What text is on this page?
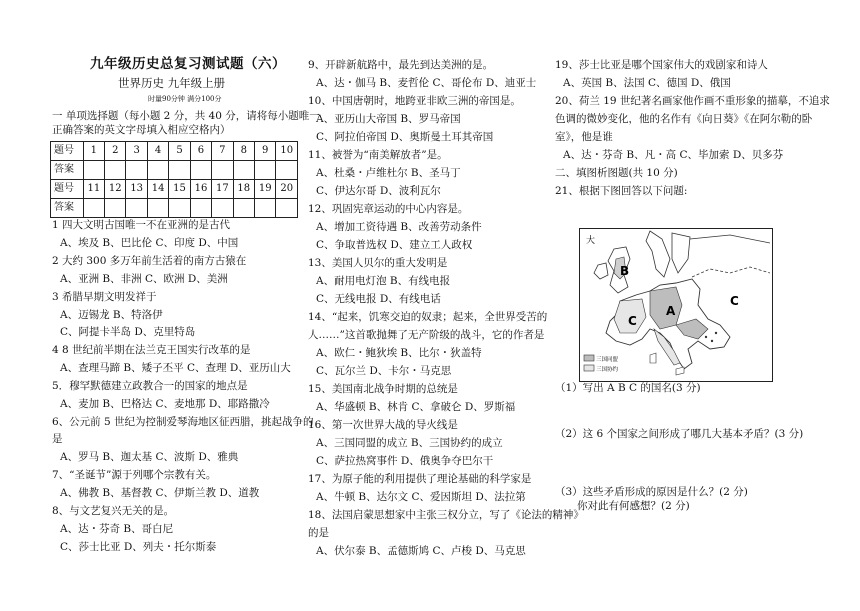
九年级历史总复习测试题（六）
世界历史 九年级上册
时量90分钟 满分100分
一 单项选择题（每小题 2 分，共 40 分，请将每小题唯一
正确答案的英文字母填入相应空格内）
题号	1	2	3	4	5	6	7	8	9	10
答案										
题号	11	12	13	14	15	16	17	18	19	20
答案										
1 四大文明古国唯一不在亚洲的是古代
A、埃及 B、巴比伦 C、印度 D、中国
2 大约 300 多万年前生活着的南方古猿在
A、亚洲 B、非洲 C、欧洲 D、美洲
3 希腊早期文明发祥于
A、迈锡龙 B、特洛伊
C、阿提卡半岛 D、克里特岛
4 8 世纪前半期在法兰克王国实行改革的是
A、查理马蹄 B、矮子丕平 C、查理 D、亚历山大
5．穆罕默德建立政教合一的国家的地点是
A、麦加 B、巴格达 C、麦地那 D、耶路撒冷
6、公元前 5 世纪为控制爱琴海地区征西腊，挑起战争的
是
A、罗马 B、迦太基 C、波斯 D、雅典
7、“圣诞节”源于列哪个宗教有关。
A、佛教 B、基督教 C、伊斯兰教 D、道教
8、与文艺复兴无关的是。
A、达・芬奇 B、哥白尼
C、莎士比亚 D、列夫・托尔斯泰
9、开辟新航路中，最先到达美洲的是。
A、达・伽马 B、麦哲伦 C、哥伦布 D、迪亚士
10、中国唐朝时，地跨亚非欧三洲的帝国是。
A、亚历山大帝国 B、罗马帝国
C、阿拉伯帝国 D、奥斯曼土耳其帝国
11、被誉为“南美解放者”是。
A、杜桑・卢维杜尔 B、圣马丁
C、伊达尔哥 D、波利瓦尔
12、巩固宪章运动的中心内容是。
A、增加工资待遇 B、改善劳动条件
C、争取普选权 D、建立工人政权
13、美国人贝尔的重大发明是
A、耐用电灯泡 B、有线电报
C、无线电报 D、有线电话
14、“起来，饥寒交迫的奴隶；起来，全世界受苦的
人……”这首歌抛舞了无产阶级的战斗，它的作者是
A、欧仁・鲍狄埃 B、比尔・狄盖特
C、瓦尔兰 D、卡尔・马克思
15、美国南北战争时期的总统是
A、华盛顿 B、林肯 C、拿破仑 D、罗斯福
16、第一次世界大战的导火线是
A、三国同盟的成立 B、三国协约的成立
C、萨拉热窝事件 D、俄奥争夺巴尔干
17、为原子能的利用提供了理论基础的科学家是
A、牛顿 B、达尔文 C、爱因斯坦 D、法拉第
18、法国启蒙思想家中主张三权分立，写了《论法的精神》
的是
A、伏尔泰 B、孟德斯鸠 C、卢梭 D、马克思
19、莎士比亚是哪个国家伟大的戏剧家和诗人
A、英国 B、法国 C、德国 D、俄国
20、荷兰 19 世纪著名画家他作画不重形象的描摹，不追求
色调的微妙变化，他的名作有《向日葵》《在阿尔勒的卧
室》，他是谁
A、达・芬奇 B、凡・高 C、毕加索 D、贝多芬
二、填图析图题(共 10 分)
21、根据下图回答以下问题:
大
B
C
C
A
三国同盟
三国协约
（1）写出 A B C 的国名(3 分)
（2）这 6 个国家之间形成了哪几大基本矛盾？(3 分)
（3）这些矛盾形成的原因是什么？(2 分)
你对此有何感想？(2 分)
